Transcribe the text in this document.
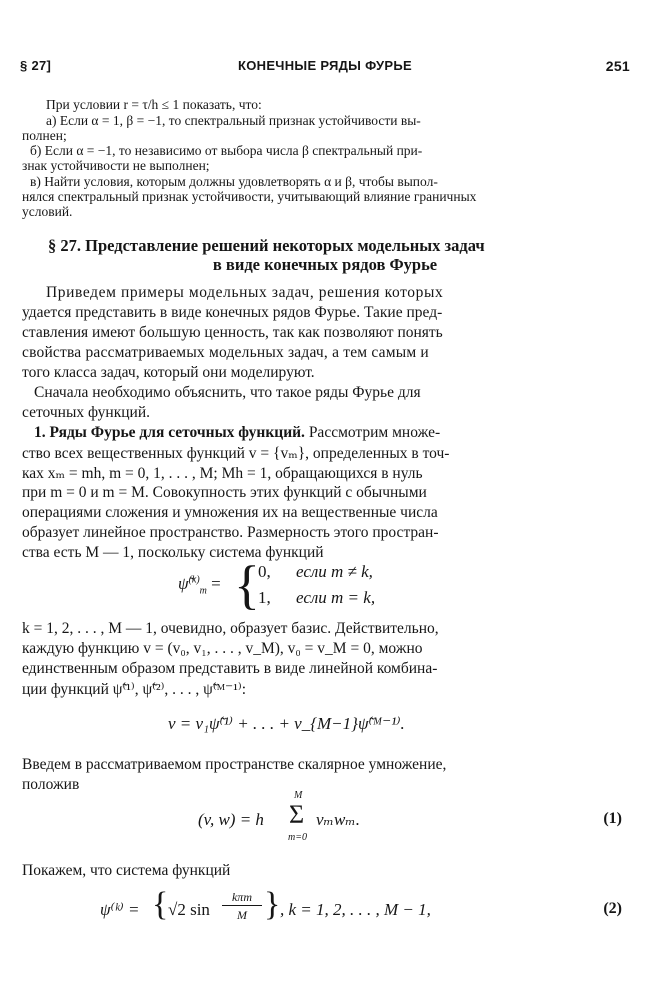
§ 27]	КОНЕЧНЫЕ РЯДЫ ФУРЬЕ	251
При условии r = τ/h ≤ 1 показать, что:
а) Если α = 1, β = −1, то спектральный признак устойчивости вы-
полнен;
б) Если α = −1, то независимо от выбора числа β спектральный при-
знак устойчивости не выполнен;
в) Найти условия, которым должны удовлетворять α и β, чтобы выпол-
нялся спектральный признак устойчивости, учитывающий влияние граничных
условий.
§ 27. Представление решений некоторых модельных задач
в виде конечных рядов Фурье
Приведем примеры модельных задач, решения которых
удается представить в виде конечных рядов Фурье. Такие пред-
ставления имеют большую ценность, так как позволяют понять
свойства рассматриваемых модельных задач, а тем самым и
того класса задач, который они моделируют.
Сначала необходимо объяснить, что такое ряды Фурье для
сеточных функций.
1. Ряды Фурье для сеточных функций. Рассмотрим множе-
ство всех вещественных функций v = {vₘ}, определенных в точ-
ках xₘ = mh, m = 0, 1, . . . , M; Mh = 1, обращающихся в нуль
при m = 0 и m = M. Совокупность этих функций с обычными
операциями сложения и умножения их на вещественные числа
образует линейное пространство. Размерность этого простран-
ства есть M — 1, поскольку система функций
ψ̃$^{(k)}_m$ = {
0, если m ≠ k,
1, если m = k,
k = 1, 2, . . . , M — 1, очевидно, образует базис. Действительно,
каждую функцию v = (v₀, v₁, . . . , v_M), v₀ = v_M = 0, можно
единственным образом представить в виде линейной комбина-
ции функций ψ̃⁽¹⁾, ψ̃⁽²⁾, . . . , ψ̃⁽ᴹ⁻¹⁾:
v = v₁ψ̃⁽¹⁾ + . . . + v_{M−1}ψ̃⁽ᴹ⁻¹⁾.
Введем в рассматриваемом пространстве скалярное умножение,
положив
(v, w) = h
M
Σ
m=0
vₘwₘ.	(1)
Покажем, что система функций
ψ⁽ᵏ⁾ = { √2 sin
kπm
M } , k = 1, 2, . . . , M − 1,	(2)
